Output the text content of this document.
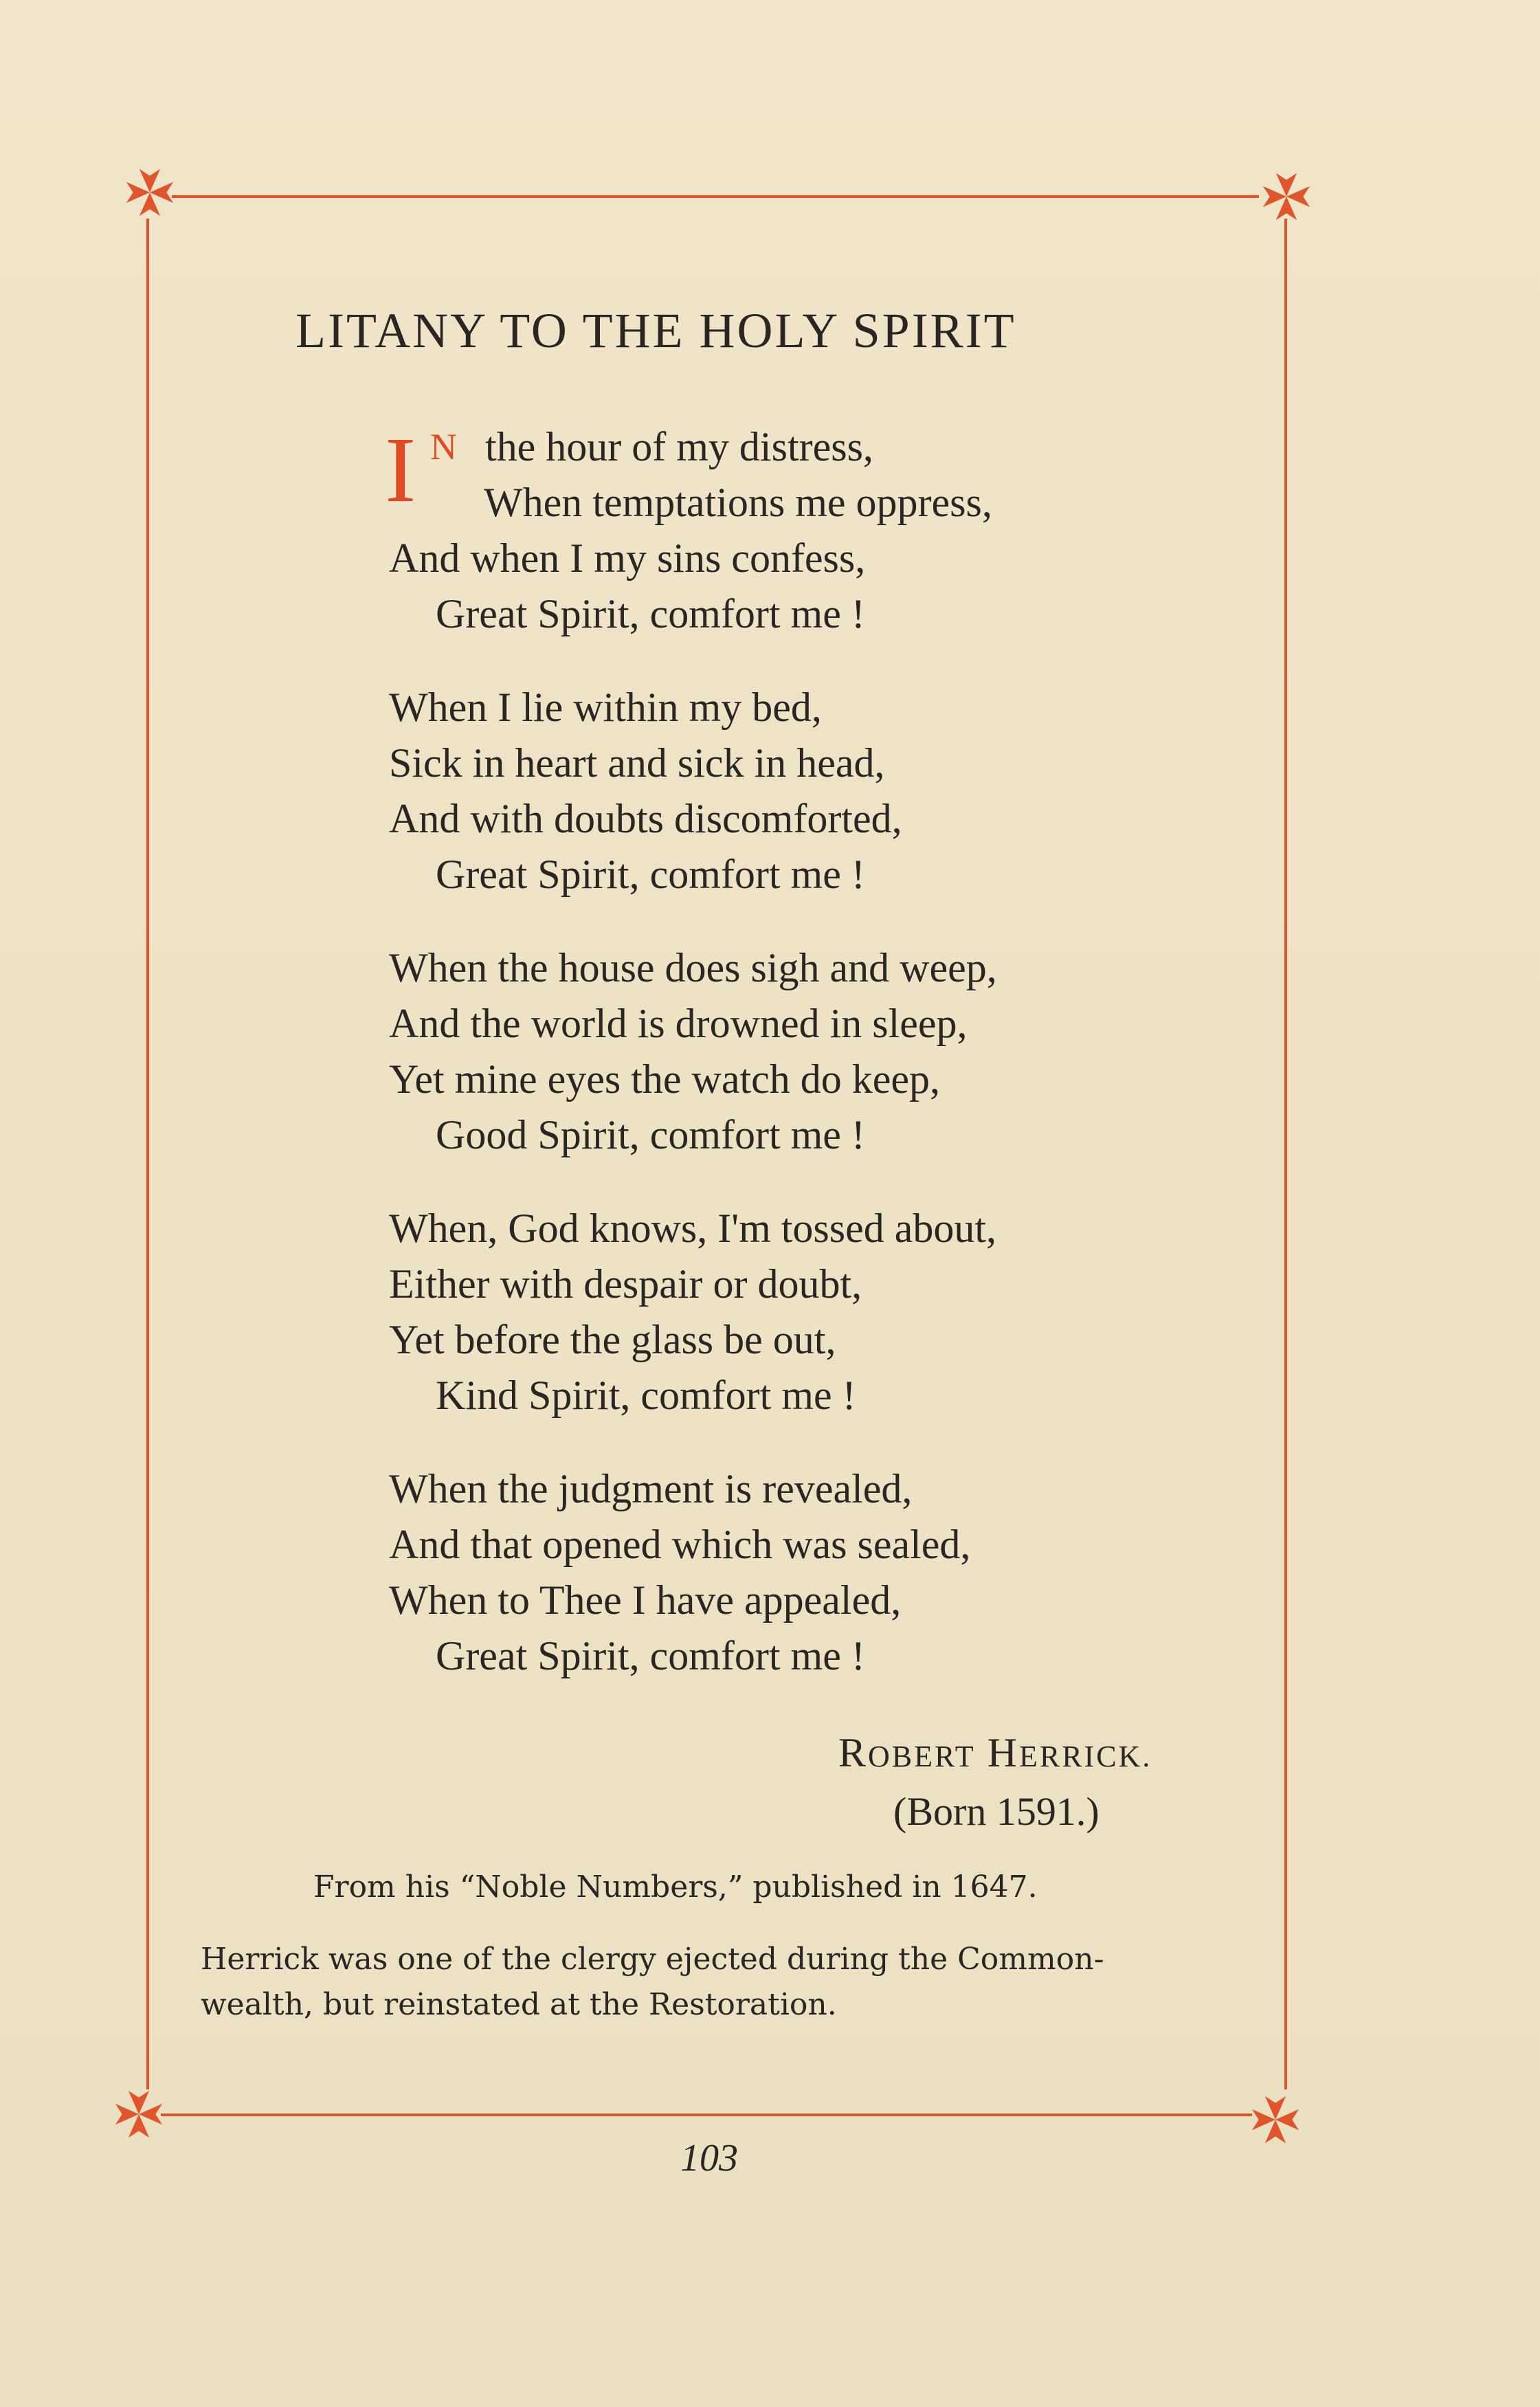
LITANY TO THE HOLY SPIRIT
I N the hour of my distress,
When temptations me oppress,
And when I my sins confess,
Great Spirit, comfort me !
When I lie within my bed,
Sick in heart and sick in head,
And with doubts discomforted,
Great Spirit, comfort me !
When the house does sigh and weep,
And the world is drowned in sleep,
Yet mine eyes the watch do keep,
Good Spirit, comfort me !
When, God knows, I'm tossed about,
Either with despair or doubt,
Yet before the glass be out,
Kind Spirit, comfort me !
When the judgment is revealed,
And that opened which was sealed,
When to Thee I have appealed,
Great Spirit, comfort me !
ROBERT HERRICK.
(Born 1591.)
From his “Noble Numbers,” published in 1647.
Herrick was one of the clergy ejected during the Common-
wealth, but reinstated at the Restoration.
103
